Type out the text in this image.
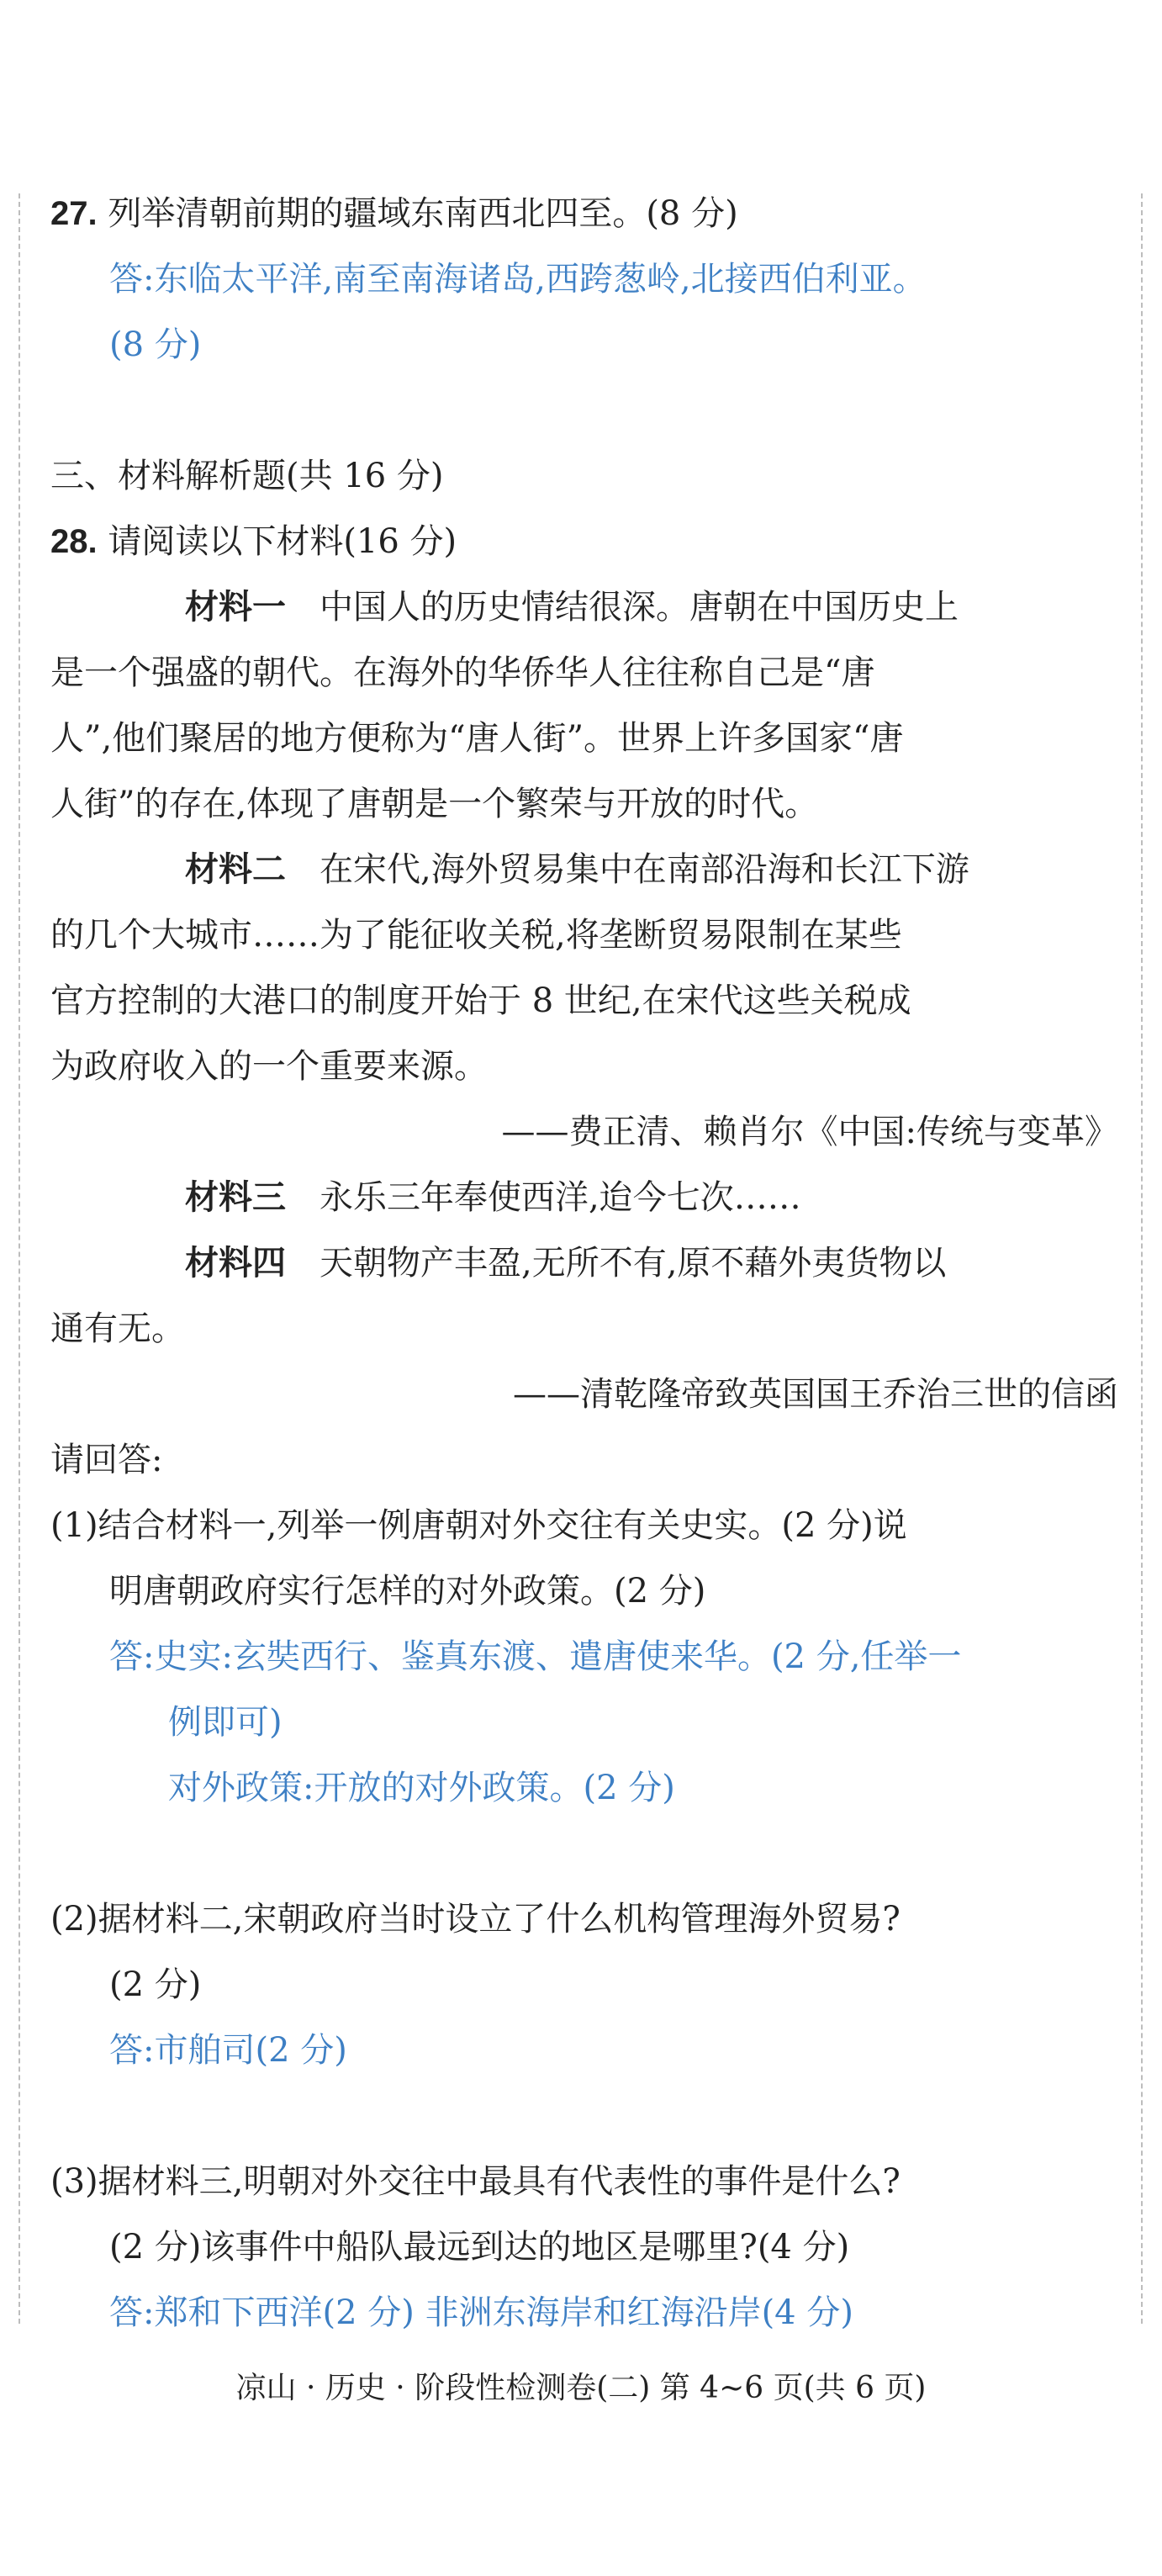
27. 列举清朝前期的疆域东南西北四至。(8 分)
答:东临太平洋,南至南海诸岛,西跨葱岭,北接西伯利亚。
(8 分)
三、材料解析题(共 16 分)
28. 请阅读以下材料(16 分)
材料一 中国人的历史情结很深。唐朝在中国历史上
是一个强盛的朝代。在海外的华侨华人往往称自己是“唐
人”,他们聚居的地方便称为“唐人街”。世界上许多国家“唐
人街”的存在,体现了唐朝是一个繁荣与开放的时代。
材料二 在宋代,海外贸易集中在南部沿海和长江下游
的几个大城市……为了能征收关税,将垄断贸易限制在某些
官方控制的大港口的制度开始于 8 世纪,在宋代这些关税成
为政府收入的一个重要来源。
——费正清、赖肖尔《中国:传统与变革》
材料三 永乐三年奉使西洋,迨今七次……
材料四 天朝物产丰盈,无所不有,原不藉外夷货物以
通有无。
——清乾隆帝致英国国王乔治三世的信函
请回答:
(1)结合材料一,列举一例唐朝对外交往有关史实。(2 分)说
明唐朝政府实行怎样的对外政策。(2 分)
答:史实:玄奘西行、鉴真东渡、遣唐使来华。(2 分,任举一
例即可)
对外政策:开放的对外政策。(2 分)
(2)据材料二,宋朝政府当时设立了什么机构管理海外贸易?
(2 分)
答:市舶司(2 分)
(3)据材料三,明朝对外交往中最具有代表性的事件是什么?
(2 分)该事件中船队最远到达的地区是哪里?(4 分)
答:郑和下西洋(2 分) 非洲东海岸和红海沿岸(4 分)
凉山 · 历史 · 阶段性检测卷(二) 第 4~6 页(共 6 页)
